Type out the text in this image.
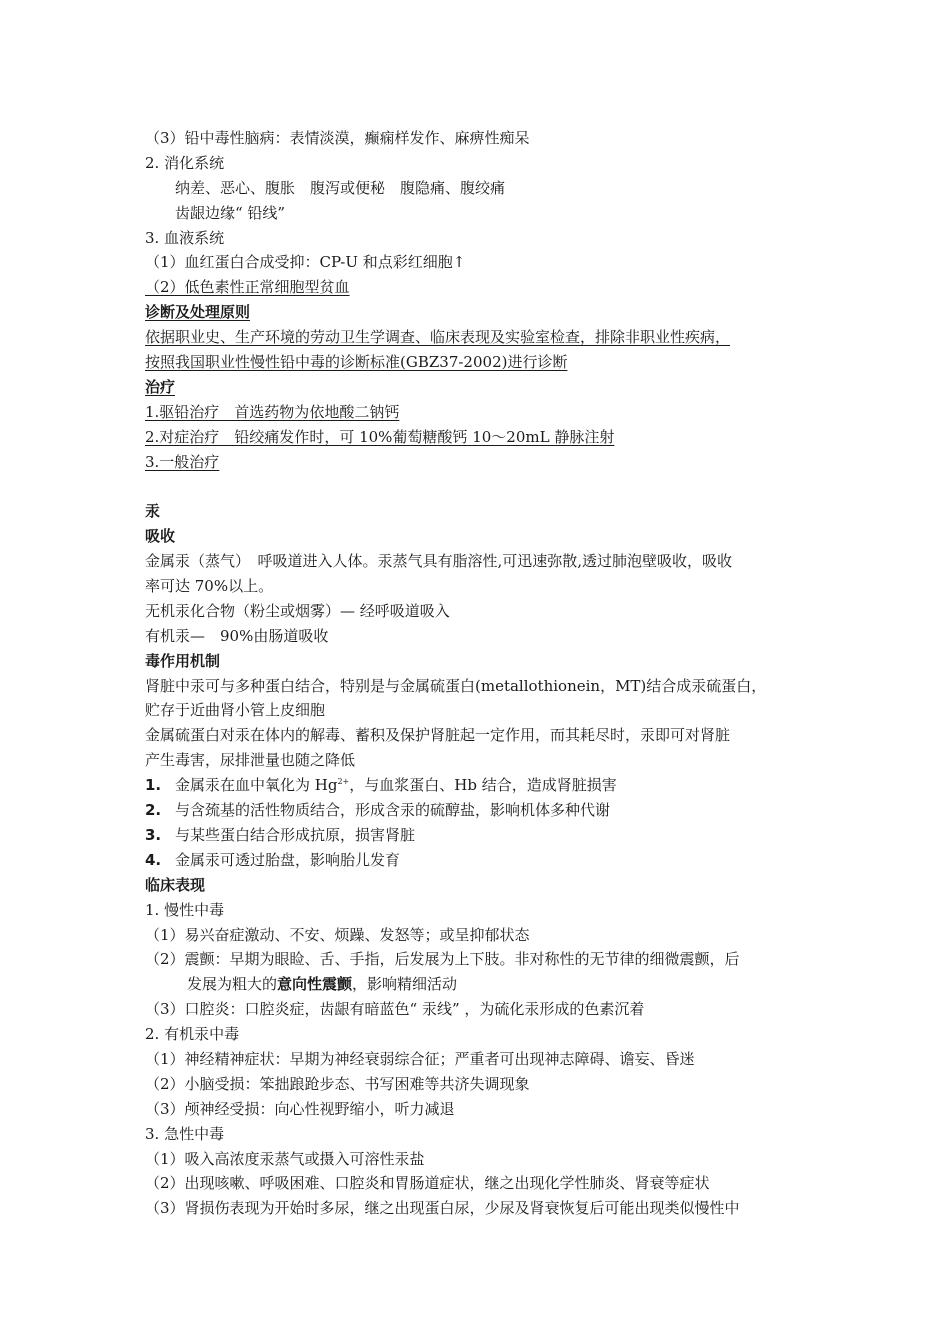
（3）铅中毒性脑病：表情淡漠，癫痫样发作、麻痹性痴呆
2. 消化系统
纳差、恶心、腹胀　腹泻或便秘　腹隐痛、腹绞痛
齿龈边缘“ 铅线”
3. 血液系统
（1）血红蛋白合成受抑：CP-U 和点彩红细胞↑
（2）低色素性正常细胞型贫血
诊断及处理原则
依据职业史、生产环境的劳动卫生学调查、临床表现及实验室检查，排除非职业性疾病，
按照我国职业性慢性铅中毒的诊断标准(GBZ37-2002)进行诊断
治疗
1.驱铅治疗　首选药物为依地酸二钠钙
2.对症治疗　铅绞痛发作时，可 10%葡萄糖酸钙 10～20mL 静脉注射
3.一般治疗
汞
吸收
金属汞（蒸气）　呼吸道进入人体。汞蒸气具有脂溶性,可迅速弥散,透过肺泡壁吸收，吸收
率可达 70%以上。
无机汞化合物（粉尘或烟雾）— 经呼吸道吸入
有机汞—　90%由肠道吸收
毒作用机制
肾脏中汞可与多种蛋白结合，特别是与金属硫蛋白(metallothionein，MT)结合成汞硫蛋白，
贮存于近曲肾小管上皮细胞
金属硫蛋白对汞在体内的解毒、蓄积及保护肾脏起一定作用，而其耗尽时，汞即可对肾脏
产生毒害，尿排泄量也随之降低
1. 金属汞在血中氧化为 $Hg^{2+}$，与血浆蛋白、Hb 结合，造成肾脏损害
2. 与含巯基的活性物质结合，形成含汞的硫醇盐，影响机体多种代谢
3. 与某些蛋白结合形成抗原，损害肾脏
4. 金属汞可透过胎盘，影响胎儿发育
临床表现
1. 慢性中毒
（1）易兴奋症激动、不安、烦躁、发怒等；或呈抑郁状态
（2）震颤：早期为眼睑、舌、手指，后发展为上下肢。非对称性的无节律的细微震颤，后
发展为粗大的意向性震颤，影响精细活动
（3）口腔炎：口腔炎症，齿龈有暗蓝色“ 汞线” ，为硫化汞形成的色素沉着
2. 有机汞中毒
（1）神经精神症状：早期为神经衰弱综合征；严重者可出现神志障碍、谵妄、昏迷
（2）小脑受损：笨拙踉跄步态、书写困难等共济失调现象
（3）颅神经受损：向心性视野缩小，听力减退
3. 急性中毒
（1）吸入高浓度汞蒸气或摄入可溶性汞盐
（2）出现咳嗽、呼吸困难、口腔炎和胃肠道症状，继之出现化学性肺炎、肾衰等症状
（3）肾损伤表现为开始时多尿，继之出现蛋白尿，少尿及肾衰恢复后可能出现类似慢性中
